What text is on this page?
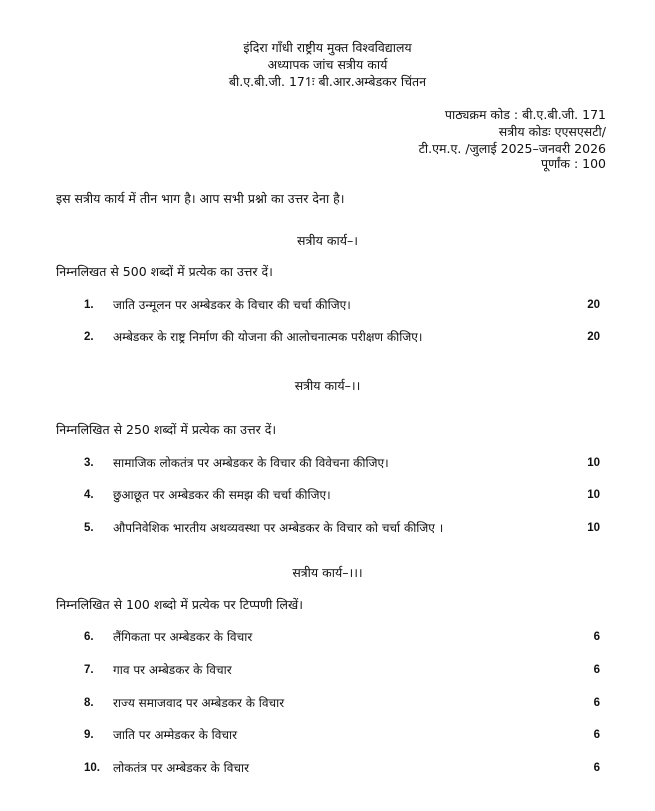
इंदिरा गाँधी राष्ट्रीय मुक्त विश्वविद्यालय
अध्यापक जांच सत्रीय कार्य
बी.ए.बी.जी. 171ः बी.आर.अम्बेडकर चिंतन
पाठ्यक्रम कोड : बी.ए.बी.जी. 171
सत्रीय कोडः एएसएसटी/
टी.एम.ए. /जुलाई 2025–जनवरी 2026
पूर्णांक : 100
इस सत्रीय कार्य में तीन भाग है। आप सभी प्रश्नो का उत्तर देना है।
सत्रीय कार्य–।
निम्नलिखत से 500 शब्दों में प्रत्येक का उत्तर दें।
1. जाति उन्मूलन पर अम्बेडकर के विचार की चर्चा कीजिए।	20
2. अम्बेडकर के राष्ट्र निर्माण की योजना की आलोचनात्मक परीक्षण कीजिए।	20
सत्रीय कार्य–।।
निम्नलिखित से 250 शब्दों में प्रत्येक का उत्तर दें।
3. सामाजिक लोकतंत्र पर अम्बेडकर के विचार की विवेचना कीजिए।	10
4. छुआछूत पर अम्बेडकर की समझ की चर्चा कीजिए।	10
5. औपनिवेशिक भारतीय अथव्यवस्था पर अम्बेडकर के विचार को चर्चा कीजिए ।	10
सत्रीय कार्य–।।।
निम्नलिखित से 100 शब्दो में प्रत्येक पर टिप्पणी लिखें।
6. लैंगिकता पर अम्बेडकर के विचार	6
7. गाव पर अम्बेडकर के विचार	6
8. राज्य समाजवाद पर अम्बेडकर के विचार	6
9. जाति पर अम्मेडकर के विचार	6
10. लोकतंत्र पर अम्बेडकर के विचार	6
